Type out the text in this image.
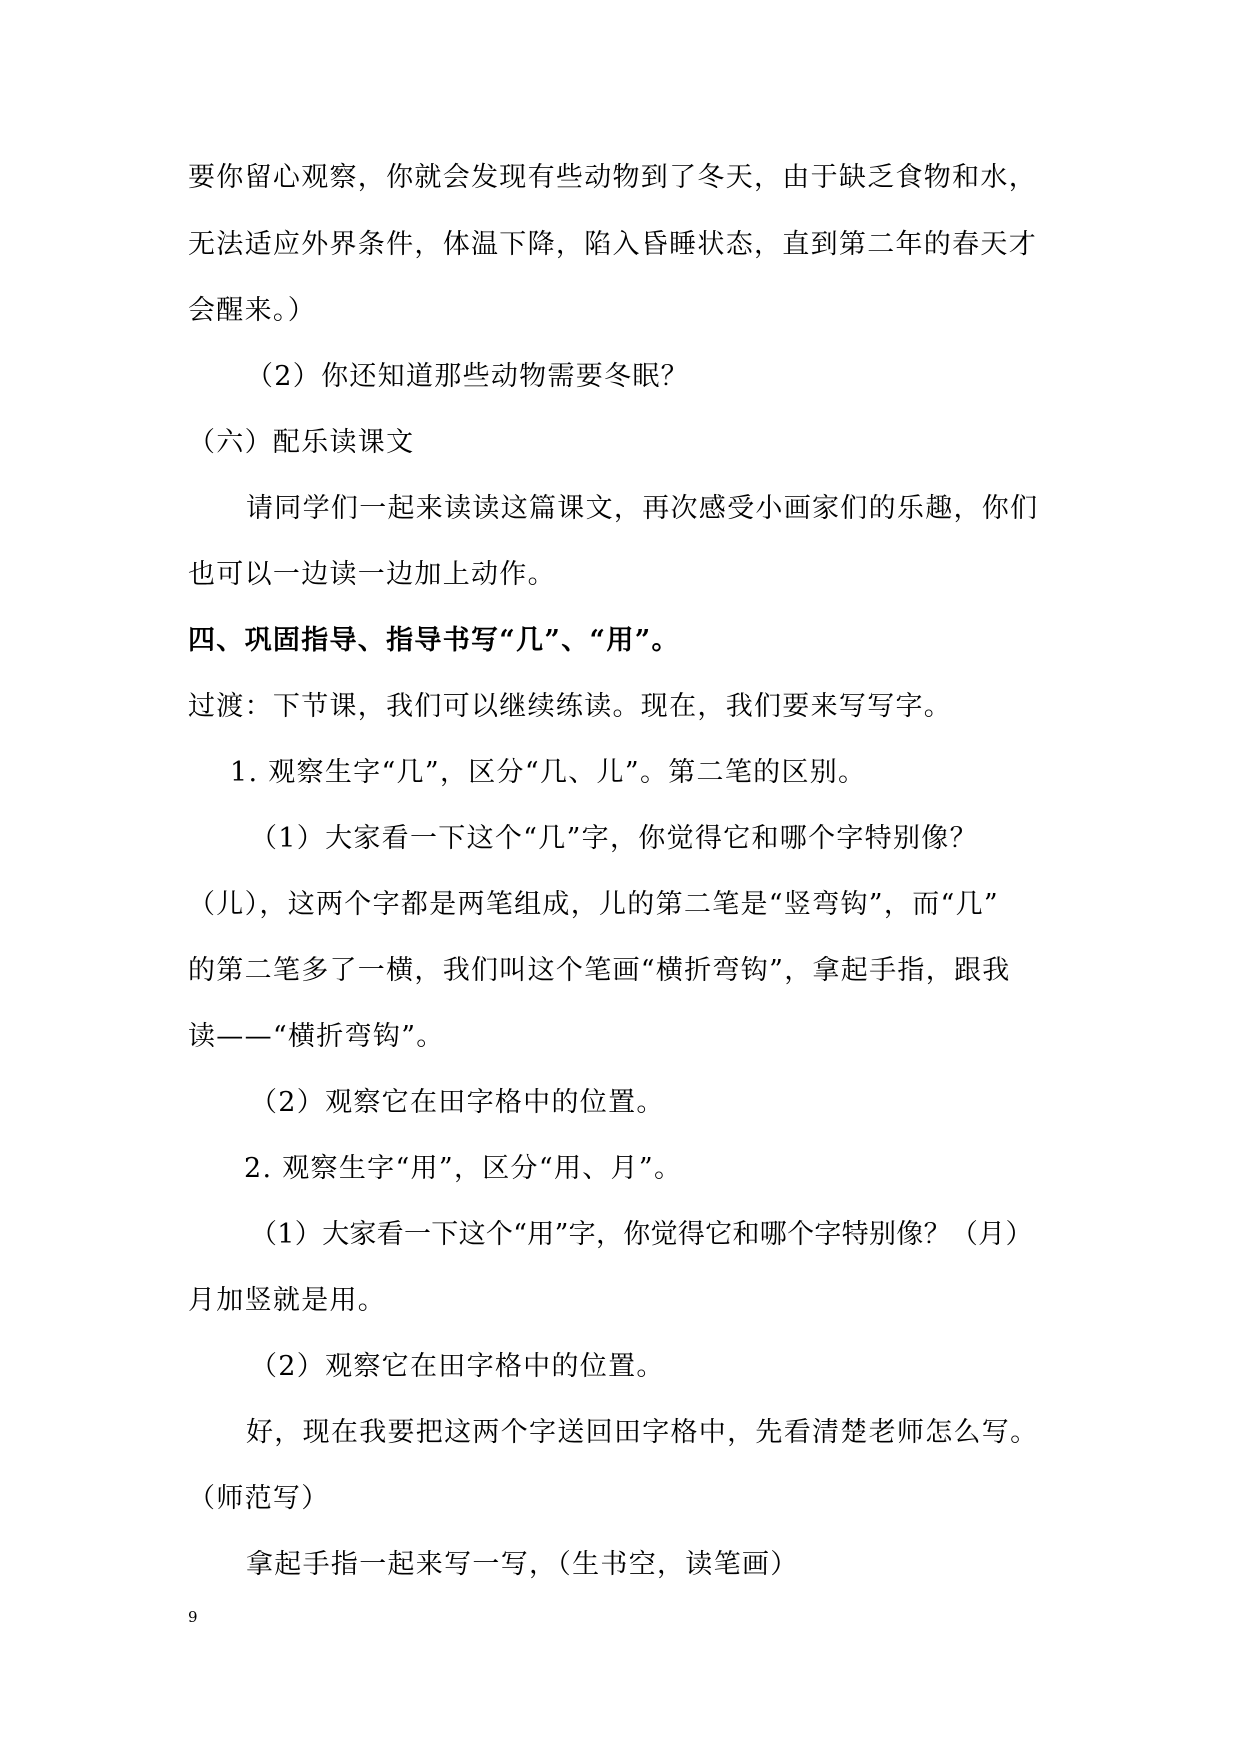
要你留心观察，你就会发现有些动物到了冬天，由于缺乏食物和水，
无法适应外界条件，体温下降，陷入昏睡状态，直到第二年的春天才
会醒来。）
（2）你还知道那些动物需要冬眠？
（六）配乐读课文
请同学们一起来读读这篇课文，再次感受小画家们的乐趣，你们
也可以一边读一边加上动作。
四、巩固指导、指导书写“几”、“用”。
过渡：下节课，我们可以继续练读。现在，我们要来写写字。
1. 观察生字“几”，区分“几、儿”。第二笔的区别。
（1）大家看一下这个“几”字，你觉得它和哪个字特别像？
（儿），这两个字都是两笔组成，儿的第二笔是“竖弯钩”，而“几”
的第二笔多了一横，我们叫这个笔画“横折弯钩”，拿起手指，跟我
读——“横折弯钩”。
（2）观察它在田字格中的位置。
2. 观察生字“用”，区分“用、月”。
（1）大家看一下这个“用”字，你觉得它和哪个字特别像？（月）
月加竖就是用。
（2）观察它在田字格中的位置。
好，现在我要把这两个字送回田字格中，先看清楚老师怎么写。
（师范写）
拿起手指一起来写一写，（生书空，读笔画）
9
